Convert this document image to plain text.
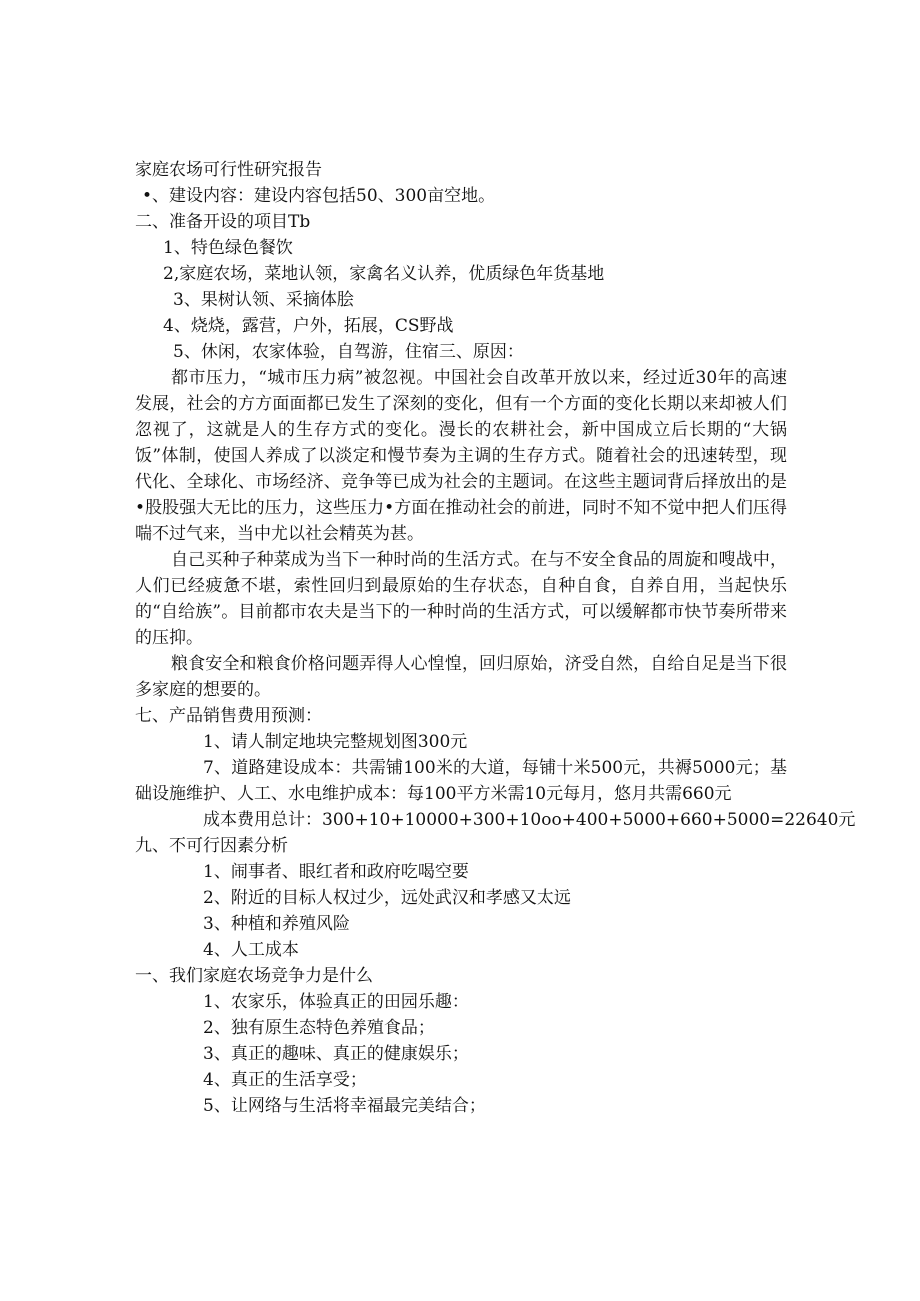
家庭农场可行性研究报告
•、建设内容：建设内容包括50、300亩空地。
二、准备开设的项目Tb
1、特色绿色餐饮
2,家庭农场，菜地认领，家禽名义认养，优质绿色年货基地
3、果树认领、采摘体脍
4、烧烧，露营，户外，拓展，CS野战
5、休闲，农家体验，自驾游，住宿三、原因：
都市压力，“城市压力病”被忽视。中国社会自改革开放以来，经过近30年的高速发展，社会的方方面面都已发生了深刻的变化，但有一个方面的变化长期以来却被人们忽视了，这就是人的生存方式的变化。漫长的农耕社会，新中国成立后长期的“大锅饭”体制，使国人养成了以淡定和慢节奏为主调的生存方式。随着社会的迅速转型，现代化、全球化、市场经济、竞争等已成为社会的主题词。在这些主题词背后择放出的是•股股强大无比的压力，这些压力•方面在推动社会的前进，同时不知不觉中把人们压得喘不过气来，当中尤以社会精英为甚。
自己买种子种菜成为当下一种时尚的生活方式。在与不安全食品的周旋和嗖战中，人们已经疲惫不堪，索性回归到最原始的生存状态，自种自食，自养自用，当起快乐的“自给族”。目前都市农夫是当下的一种时尚的生活方式，可以缓解都市快节奏所带来的压抑。
粮食安全和粮食价格问题弄得人心惶惶，回归原始，济受自然，自给自足是当下很多家庭的想要的。
七、产品销售费用预测：
1、请人制定地块完整规划图300元
7、道路建设成本：共需铺100米的大道，每铺十米500元，共褥5000元；基础设施维护、人工、水电维护成本：每100平方米需10元每月，悠月共需660元
成本费用总计：300+10+10000+300+10oo+400+5000+660+5000=22640元
九、不可行因素分析
1、闹事者、眼红者和政府吃喝空要
2、附近的目标人权过少，远处武汉和孝感又太远
3、种植和养殖风险
4、人工成本
一、我们家庭农场竞争力是什么
1、农家乐，体验真正的田园乐趣：
2、独有原生态特色养殖食品；
3、真正的趣味、真正的健康娱乐；
4、真正的生活享受；
5、让网络与生活将幸福最完美结合；
